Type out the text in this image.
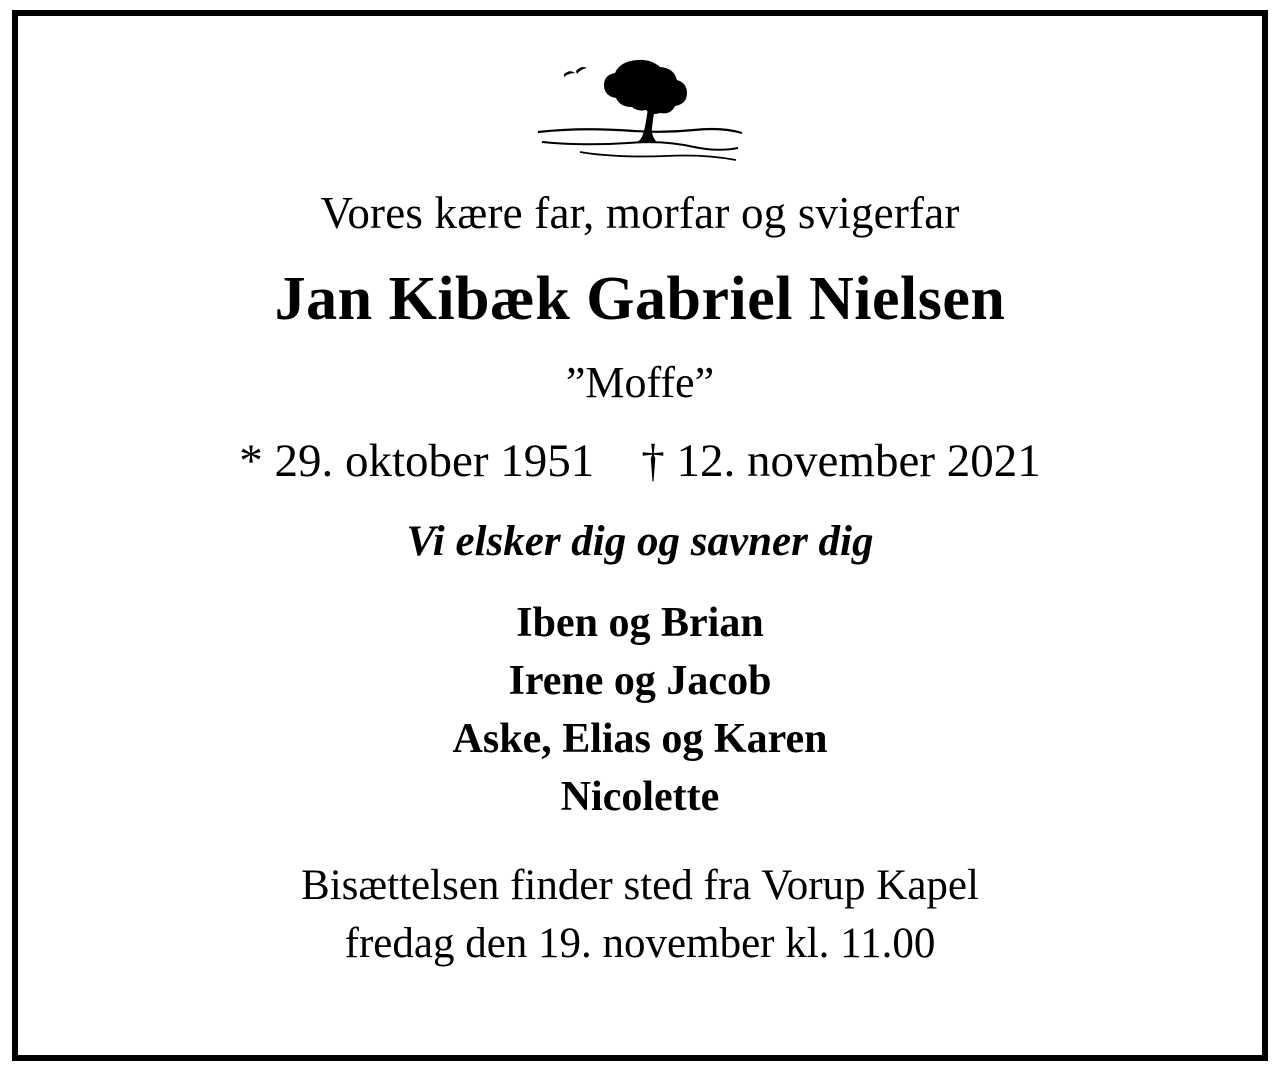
Vores kære far, morfar og svigerfar
Jan Kibæk Gabriel Nielsen
”Moffe”
* 29. oktober 1951    † 12. november 2021
Vi elsker dig og savner dig
Iben og Brian
Irene og Jacob
Aske, Elias og Karen
Nicolette
Bisættelsen finder sted fra Vorup Kapel
fredag den 19. november kl. 11.00
